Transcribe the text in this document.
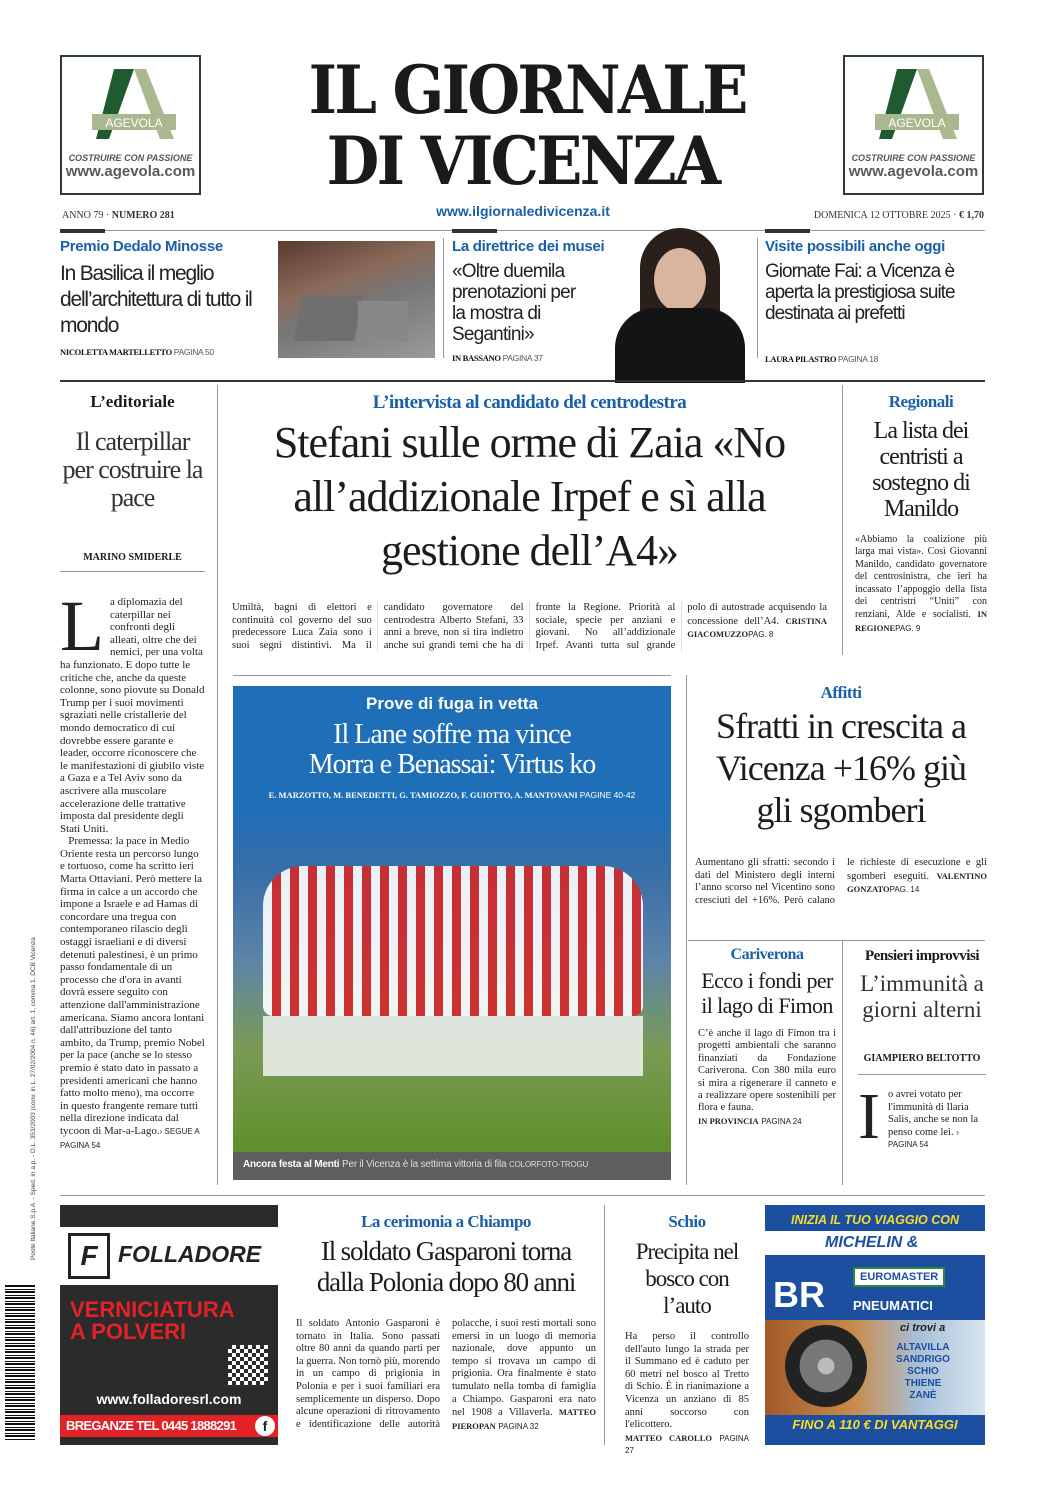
AGEVOLA
COSTRUIRE CON PASSIONE
www.agevola.com
AGEVOLA
COSTRUIRE CON PASSIONE
www.agevola.com
IL GIORNALE
DI VICENZA
www.ilgiornaledivicenza.it
ANNO 79 · NUMERO 281	DOMENICA 12 OTTOBRE 2025 · € 1,70
Premio Dedalo Minosse
In Basilica il meglio dell’architettura di tutto il mondo
NICOLETTA MARTELLETTO PAGINA 50
La direttrice dei musei
«Oltre duemila prenotazioni per la mostra di Segantini»
IN BASSANO PAGINA 37
Visite possibili anche oggi
Giornate Fai: a Vicenza è aperta la prestigiosa suite destinata ai prefetti
LAURA PILASTRO PAGINA 18
L’editoriale
Il caterpillar per costruire la pace
MARINO SMIDERLE
L a diplomazia del caterpillar nei confronti degli alleati, oltre che dei nemici, per una volta ha funzionato. E dopo tutte le critiche che, anche da queste colonne, sono piovute su Donald Trump per i suoi movimenti sgraziati nelle cristallerie del mondo democratico di cui dovrebbe essere garante e leader, occorre riconoscere che le manifestazioni di giubilo viste a Gaza e a Tel Aviv sono da ascrivere alla muscolare accelerazione delle trattative imposta dal presidente degli Stati Uniti.
Premessa: la pace in Medio Oriente resta un percorso lungo e tortuoso, come ha scritto ieri Marta Ottaviani. Però mettere la firma in calce a un accordo che impone a Israele e ad Hamas di concordare una tregua con contemporaneo rilascio degli ostaggi israeliani e di diversi detenuti palestinesi, è un primo passo fondamentale di un processo che d'ora in avanti dovrà essere seguito con attenzione dall'amministrazione americana. Siamo ancora lontani dall'attribuzione del tanto ambito, da Trump, premio Nobel per la pace (anche se lo stesso premio è stato dato in passato a presidenti americani che hanno fatto molto meno), ma occorre in questo frangente remare tutti nella direzione indicata dal tycoon di Mar-a-Lago.› SEGUE A PAGINA 54
L’intervista al candidato del centrodestra
Stefani sulle orme di Zaia «No all’addizionale Irpef e sì alla gestione dell’A4»
Umiltà, bagni di elettori e continuità col governo del suo predecessore Luca Zaia sono i suoi segni distintivi. Ma il candidato governatore del centrodestra Alberto Stefani, 33 anni a breve, non si tira indietro anche sui grandi temi che ha di fronte la Regione. Priorità al sociale, specie per anziani e giovani. No all’addizionale Irpef. Avanti tutta sul grande polo di autostrade acquisendo la concessione dell’A4. CRISTINA GIACOMUZZOPAG. 8
Regionali
La lista dei centristi a sostegno di Manildo
«Abbiamo la coalizione più larga mai vista». Così Giovanni Manildo, candidato governatore del centrosinistra, che ieri ha incassato l’appoggio della lista dei centristri “Uniti” con renziani, Alde e socialisti. IN REGIONEPAG. 9
Prove di fuga in vetta
Il Lane soffre ma vince
Morra e Benassai: Virtus ko
E. MARZOTTO, M. BENEDETTI, G. TAMIOZZO, F. GUIOTTO, A. MANTOVANI PAGINE 40-42
Ancora festa al Menti Per il Vicenza è la settima vittoria di fila COLORFOTO-TROGU
Affitti
Sfratti in crescita a Vicenza +16% giù gli sgomberi
Aumentano gli sfratti: secondo i dati del Ministero degli interni l’anno scorso nel Vicentino sono cresciuti del +16%. Però calano le richieste di esecuzione e gli sgomberi eseguiti. VALENTINO GONZATOPAG. 14
Cariverona
Ecco i fondi per il lago di Fimon
C’è anche il lago di Fimon tra i progetti ambientali che saranno finanziati da Fondazione Cariverona. Con 380 mila euro si mira a rigenerare il canneto e a realizzare opere sostenibili per flora e fauna.
IN PROVINCIA PAGINA 24
Pensieri improvvisi
L’immunità a giorni alterni
GIAMPIERO BELTOTTO
Io avrei votato per l'immunità di Ilaria Salis, anche se non la penso come lei. › PAGINA 54
Poste Italiane S.p.A. - Sped. in a.p. - D.L. 353/2003 (conv. in L. 27/02/2004 n. 46) art. 1, comma 1, DCB Vicenza	F FOLLADORE
VERNICIATURA
A POLVERI
www.folladoresrl.com
BREGANZE TEL 0445 1888291	f
La cerimonia a Chiampo
Il soldato Gasparoni torna dalla Polonia dopo 80 anni
Il soldato Antonio Gasparoni è tornato in Italia. Sono passati oltre 80 anni da quando partì per la guerra. Non tornò più, morendo in un campo di prigionia in Polonia e per i suoi familiari era semplicemente un disperso. Dopo alcune operazioni di ritrovamento e identificazione delle autorità polacche, i suoi resti mortali sono emersi in un luogo di memoria nazionale, dove appunto un tempo si trovava un campo di prigionia. Ora finalmente è stato tumulato nella tomba di famiglia a Chiampo. Gasparoni era nato nel 1908 a Villaverla. MATTEO PIEROPAN PAGINA 32
Schio
Precipita nel bosco con l’auto
Ha perso il controllo dell'auto lungo la strada per il Summano ed è caduto per 60 metri nel bosco al Tretto di Schio. È in rianimazione a Vicenza un anziano di 85 anni soccorso con l'elicottero.
MATTEO CAROLLO PAGINA 27
INIZIA IL TUO VIAGGIO CON
MICHELIN &
BR	EUROMASTER
PNEUMATICI
ci trovi a
ALTAVILLA
SANDRIGO
SCHIO
THIENE
ZANÈ
FINO A 110 € DI VANTAGGI
